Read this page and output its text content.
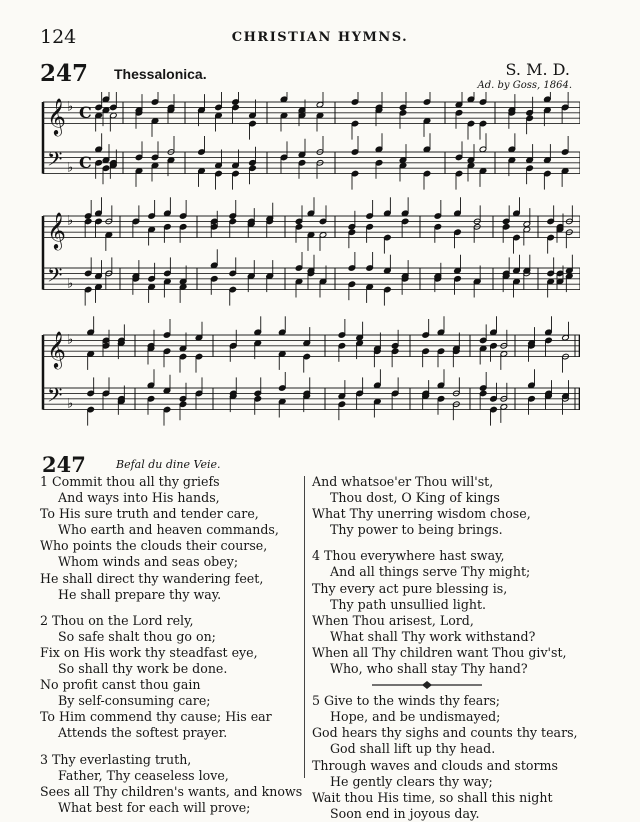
124	CHRISTIAN HYMNS.
247 Thessalonica.	S. M. D.
Ad. by Goss, 1864.
𝄞 ♭ C
𝄢 ♭ C
𝄞 ♭
𝄢 ♭
𝄞 ♭
𝄢 ♭
247	Befal du dine Veie.
1 Commit thou all thy griefs
And ways into His hands,
To His sure truth and tender care,
Who earth and heaven commands,
Who points the clouds their course,
Whom winds and seas obey;
He shall direct thy wandering feet,
He shall prepare thy way.
2 Thou on the Lord rely,
So safe shalt thou go on;
Fix on His work thy steadfast eye,
So shall thy work be done.
No profit canst thou gain
By self-consuming care;
To Him commend thy cause; His ear
Attends the softest prayer.
3 Thy everlasting truth,
Father, Thy ceaseless love,
Sees all Thy children's wants, and knows
What best for each will prove;
And whatsoe'er Thou will'st,
Thou dost, O King of kings
What Thy unerring wisdom chose,
Thy power to being brings.
4 Thou everywhere hast sway,
And all things serve Thy might;
Thy every act pure blessing is,
Thy path unsullied light.
When Thou arisest, Lord,
What shall Thy work withstand?
When all Thy children want Thou giv'st,
Who, who shall stay Thy hand?
5 Give to the winds thy fears;
Hope, and be undismayed;
God hears thy sighs and counts thy tears,
God shall lift up thy head.
Through waves and clouds and storms
He gently clears thy way;
Wait thou His time, so shall this night
Soon end in joyous day.
